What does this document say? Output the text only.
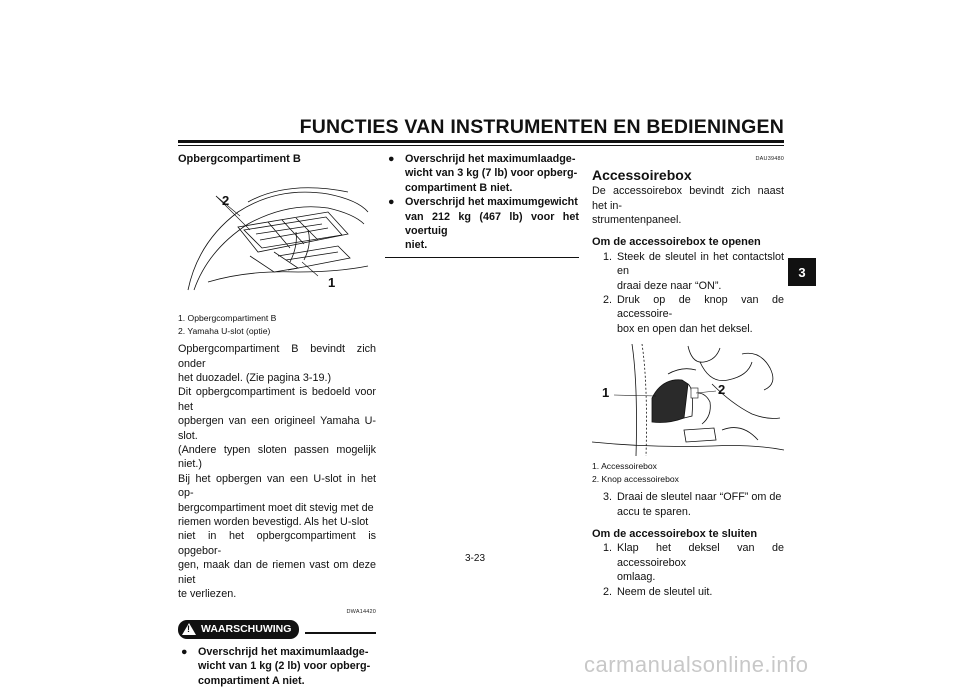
FUNCTIES VAN INSTRUMENTEN EN BEDIENINGEN
3
Opbergcompartiment B
2
1
1. Opbergcompartiment B
2. Yamaha U-slot (optie)
Opbergcompartiment B bevindt zich onder
het duozadel. (Zie pagina 3-19.)
Dit opbergcompartiment is bedoeld voor het
opbergen van een origineel Yamaha U-slot.
(Andere typen sloten passen mogelijk niet.)
Bij het opbergen van een U-slot in het op-
bergcompartiment moet dit stevig met de
riemen worden bevestigd. Als het U-slot
niet in het opbergcompartiment is opgebor-
gen, maak dan de riemen vast om deze niet
te verliezen.
DWA14420
! WAARSCHUWING
● Overschrijd het maximumlaadge-
wicht van 1 kg (2 lb) voor opberg-
compartiment A niet.
● Overschrijd het maximumlaadge-
wicht van 3 kg (7 lb) voor opberg-
compartiment B niet.
● Overschrijd het maximumgewicht
van 212 kg (467 lb) voor het voertuig
niet.
DAU39480
Accessoirebox
De accessoirebox bevindt zich naast het in-
strumentenpaneel.
Om de accessoirebox te openen
1. Steek de sleutel in het contactslot en
draai deze naar “ON”.
2. Druk op de knop van de accessoire-
box en open dan het deksel.
1	2
1. Accessoirebox
2. Knop accessoirebox
3. Draai de sleutel naar “OFF” om de
accu te sparen.
Om de accessoirebox te sluiten
1. Klap het deksel van de accessoirebox
omlaag.
2. Neem de sleutel uit.
3-23
carmanualsonline.info
